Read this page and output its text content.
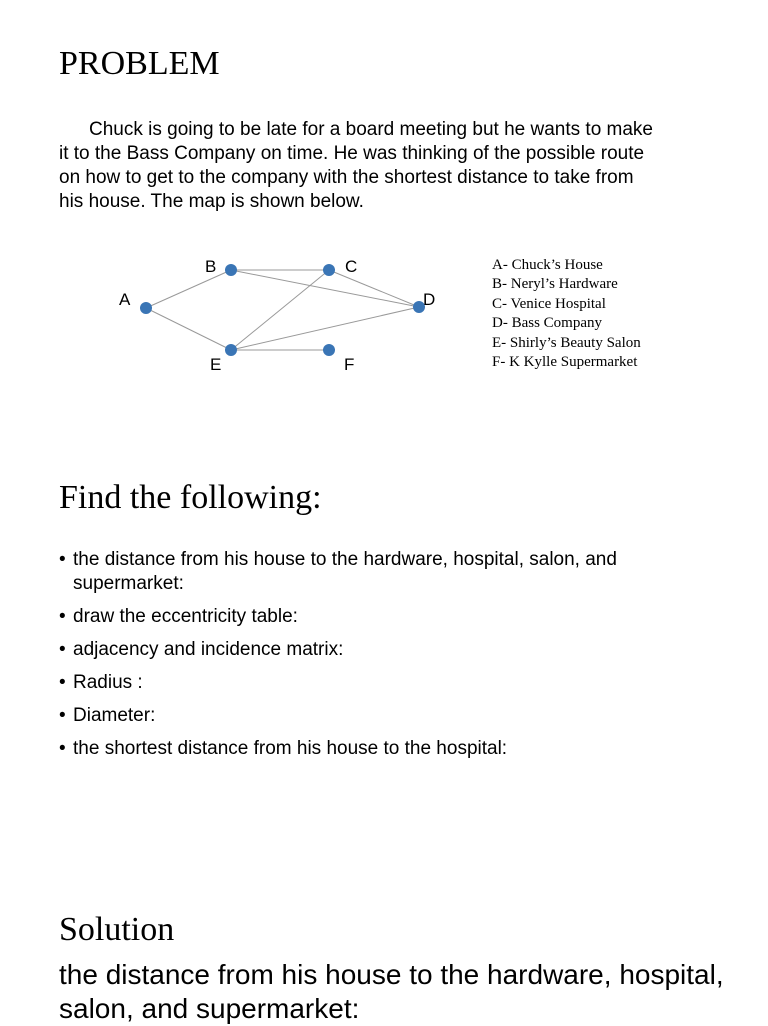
PROBLEM

Chuck is going to be late for a board meeting but he wants to make
it to the Bass Company on time. He was thinking of the possible route
on how to get to the company with the shortest distance to take from
his house. The map is shown below.

A
B	C
D
E	F
A- Chuck’s House
B- Neryl’s Hardware
C- Venice Hospital
D- Bass Company
E- Shirly’s Beauty Salon
F- K Kylle Supermarket
Find the following:
• the distance from his house to the hardware, hospital, salon, and supermarket:
• draw the eccentricity table:
• adjacency and incidence matrix:
• Radius :
• Diameter:
• the shortest distance from his house to the hospital:
Solution

the distance from his house to the hardware, hospital, salon, and supermarket:
